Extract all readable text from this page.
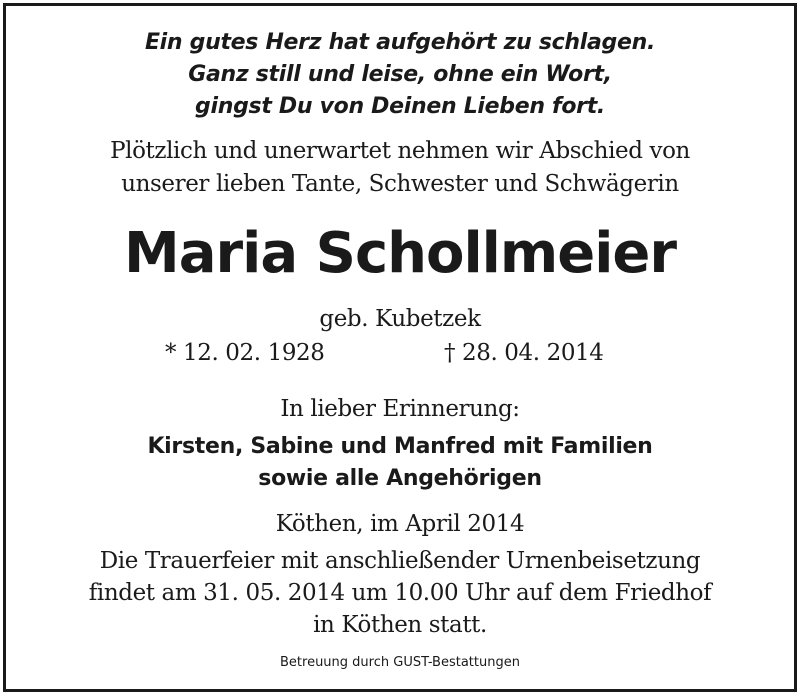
Ein gutes Herz hat aufgehört zu schlagen.
Ganz still und leise, ohne ein Wort,
gingst Du von Deinen Lieben fort.
Plötzlich und unerwartet nehmen wir Abschied von
unserer lieben Tante, Schwester und Schwägerin
Maria Schollmeier
geb. Kubetzek
* 12. 02. 1928	† 28. 04. 2014
In lieber Erinnerung:
Kirsten, Sabine und Manfred mit Familien
sowie alle Angehörigen
Köthen, im April 2014
Die Trauerfeier mit anschließender Urnenbeisetzung
findet am 31. 05. 2014 um 10.00 Uhr auf dem Friedhof
in Köthen statt.
Betreuung durch GUST-Bestattungen
